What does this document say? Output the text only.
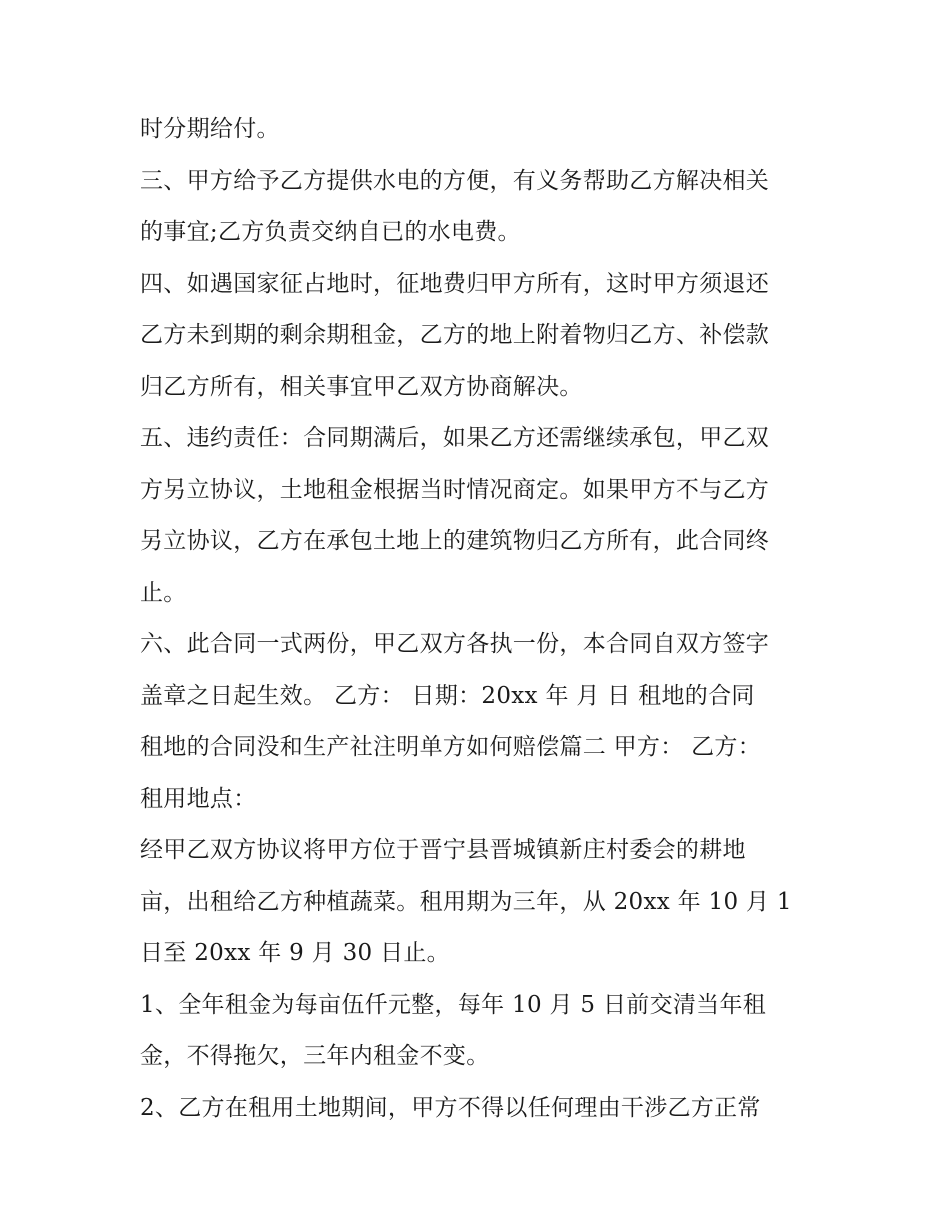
时分期给付。
三、甲方给予乙方提供水电的方便，有义务帮助乙方解决相关
的事宜;乙方负责交纳自已的水电费。
四、如遇国家征占地时，征地费归甲方所有，这时甲方须退还
乙方未到期的剩余期租金，乙方的地上附着物归乙方、补偿款
归乙方所有，相关事宜甲乙双方协商解决。
五、违约责任：合同期满后，如果乙方还需继续承包，甲乙双
方另立协议，土地租金根据当时情况商定。如果甲方不与乙方
另立协议，乙方在承包土地上的建筑物归乙方所有，此合同终
止。
六、此合同一式两份，甲乙双方各执一份，本合同自双方签字
盖章之日起生效。 乙方： 日期：20xx 年 月 日 租地的合同
租地的合同没和生产社注明单方如何赔偿篇二 甲方： 乙方：
租用地点：
经甲乙双方协议将甲方位于晋宁县晋城镇新庄村委会的耕地
亩，出租给乙方种植蔬菜。租用期为三年，从 20xx 年 10 月 1
日至 20xx 年 9 月 30 日止。
1、全年租金为每亩伍仟元整，每年 10 月 5 日前交清当年租
金，不得拖欠，三年内租金不变。
2、乙方在租用土地期间，甲方不得以任何理由干涉乙方正常
